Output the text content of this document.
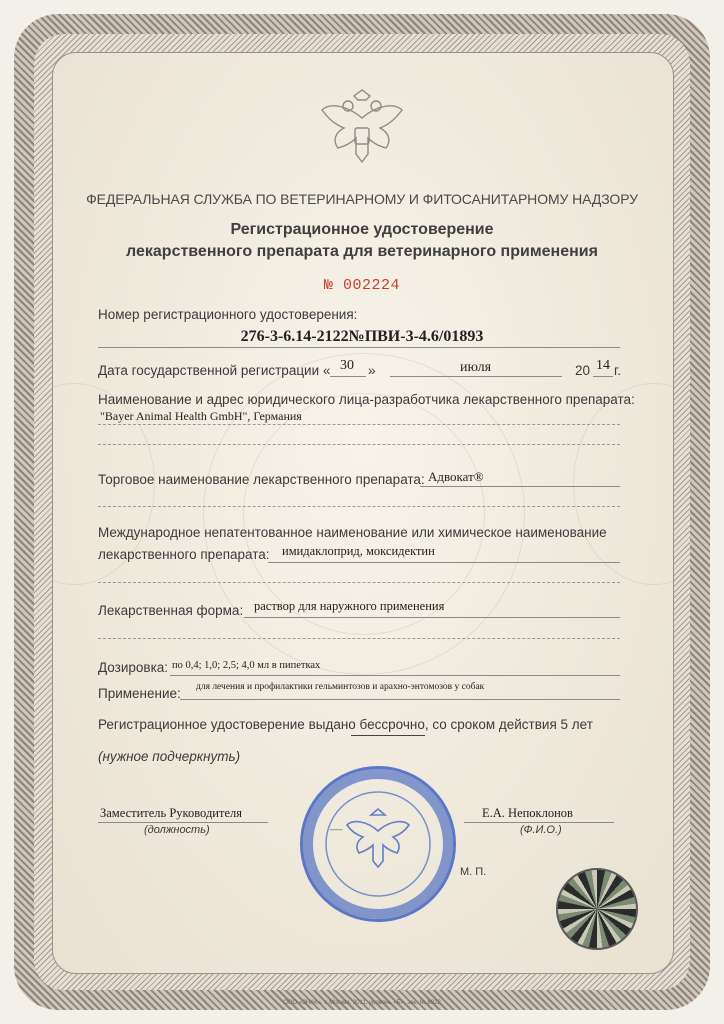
ФЕДЕРАЛЬНАЯ СЛУЖБА ПО ВЕТЕРИНАРНОМУ И ФИТОСАНИТАРНОМУ НАДЗОРУ
Регистрационное удостоверение
лекарственного препарата для ветеринарного применения
№ 002224
Номер регистрационного удостоверения:
276-3-6.14-2122№ПВИ-3-4.6/01893
Дата государственной регистрации « 30 »	июля	20 14 г.
Наименование и адрес юридического лица-разработчика лекарственного препарата:
"Bayer Animal Health GmbH", Германия
Торговое наименование лекарственного препарата: Адвокат®
Международное непатентованное наименование или химическое наименование
лекарственного препарата: имидаклоприд, моксидектин
Лекарственная форма: раствор для наружного применения
Дозировка: по 0,4; 1,0; 2,5; 4,0 мл в пипетках
Применение: для лечения и профилактики гельминтозов и арахно-энтомозов у собак
Регистрационное удостоверение выдано бессрочно, со сроком действия 5 лет
(нужное подчеркнуть)
Заместитель Руководителя
(должность)
Е.А. Непоклонов
(Ф.И.О.)
—
М. П.
ООО «ЗНАК», г. Москва, 2011, уровень «Б», зак. № 8922
